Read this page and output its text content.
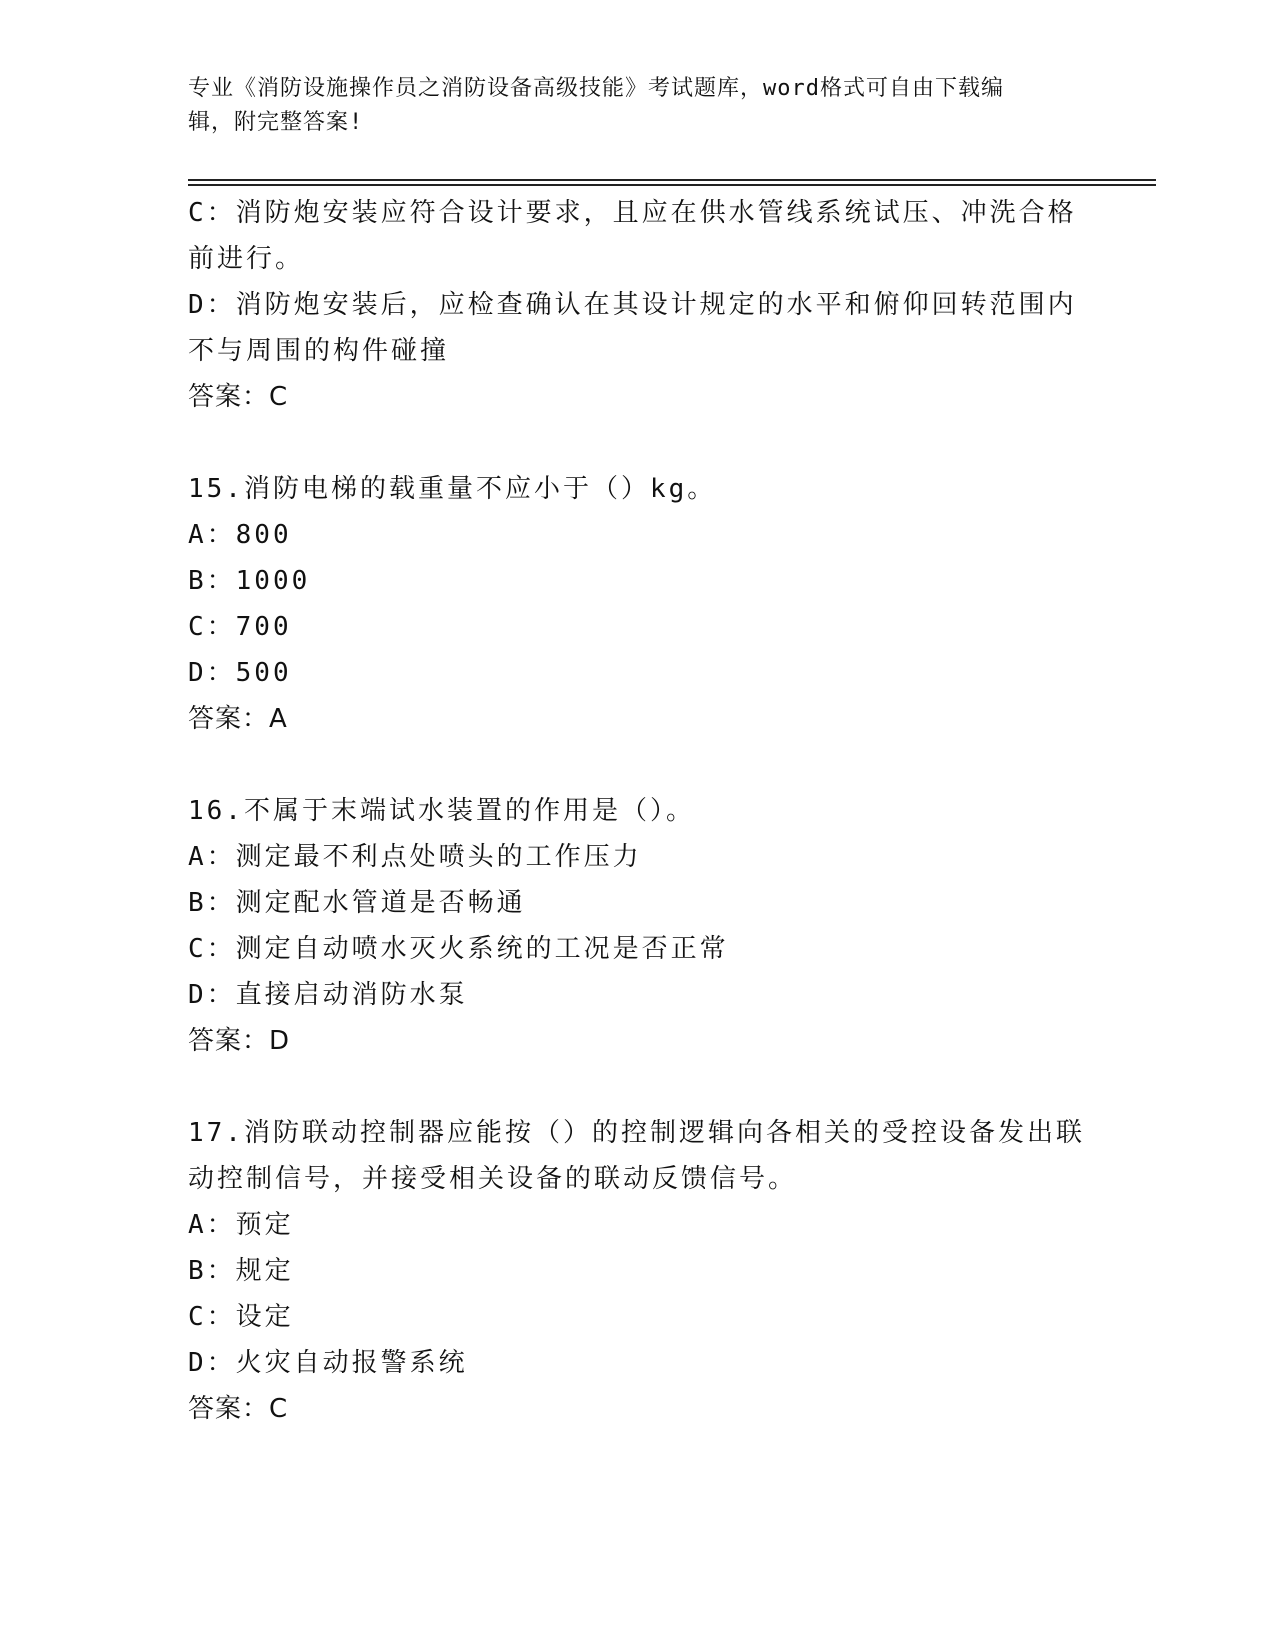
专业《消防设施操作员之消防设备高级技能》考试题库，word格式可自由下载编
辑，附完整答案!
C：消防炮安装应符合设计要求，且应在供水管线系统试压、冲洗合格
前进行。
D：消防炮安装后，应检查确认在其设计规定的水平和俯仰回转范围内
不与周围的构件碰撞
答案：C
15.消防电梯的载重量不应小于（）kg。
A：800
B：1000
C：700
D：500
答案：A
16.不属于末端试水装置的作用是（）。
A：测定最不利点处喷头的工作压力
B：测定配水管道是否畅通
C：测定自动喷水灭火系统的工况是否正常
D：直接启动消防水泵
答案：D
17.消防联动控制器应能按（）的控制逻辑向各相关的受控设备发出联
动控制信号，并接受相关设备的联动反馈信号。
A：预定
B：规定
C：设定
D：火灾自动报警系统
答案：C
